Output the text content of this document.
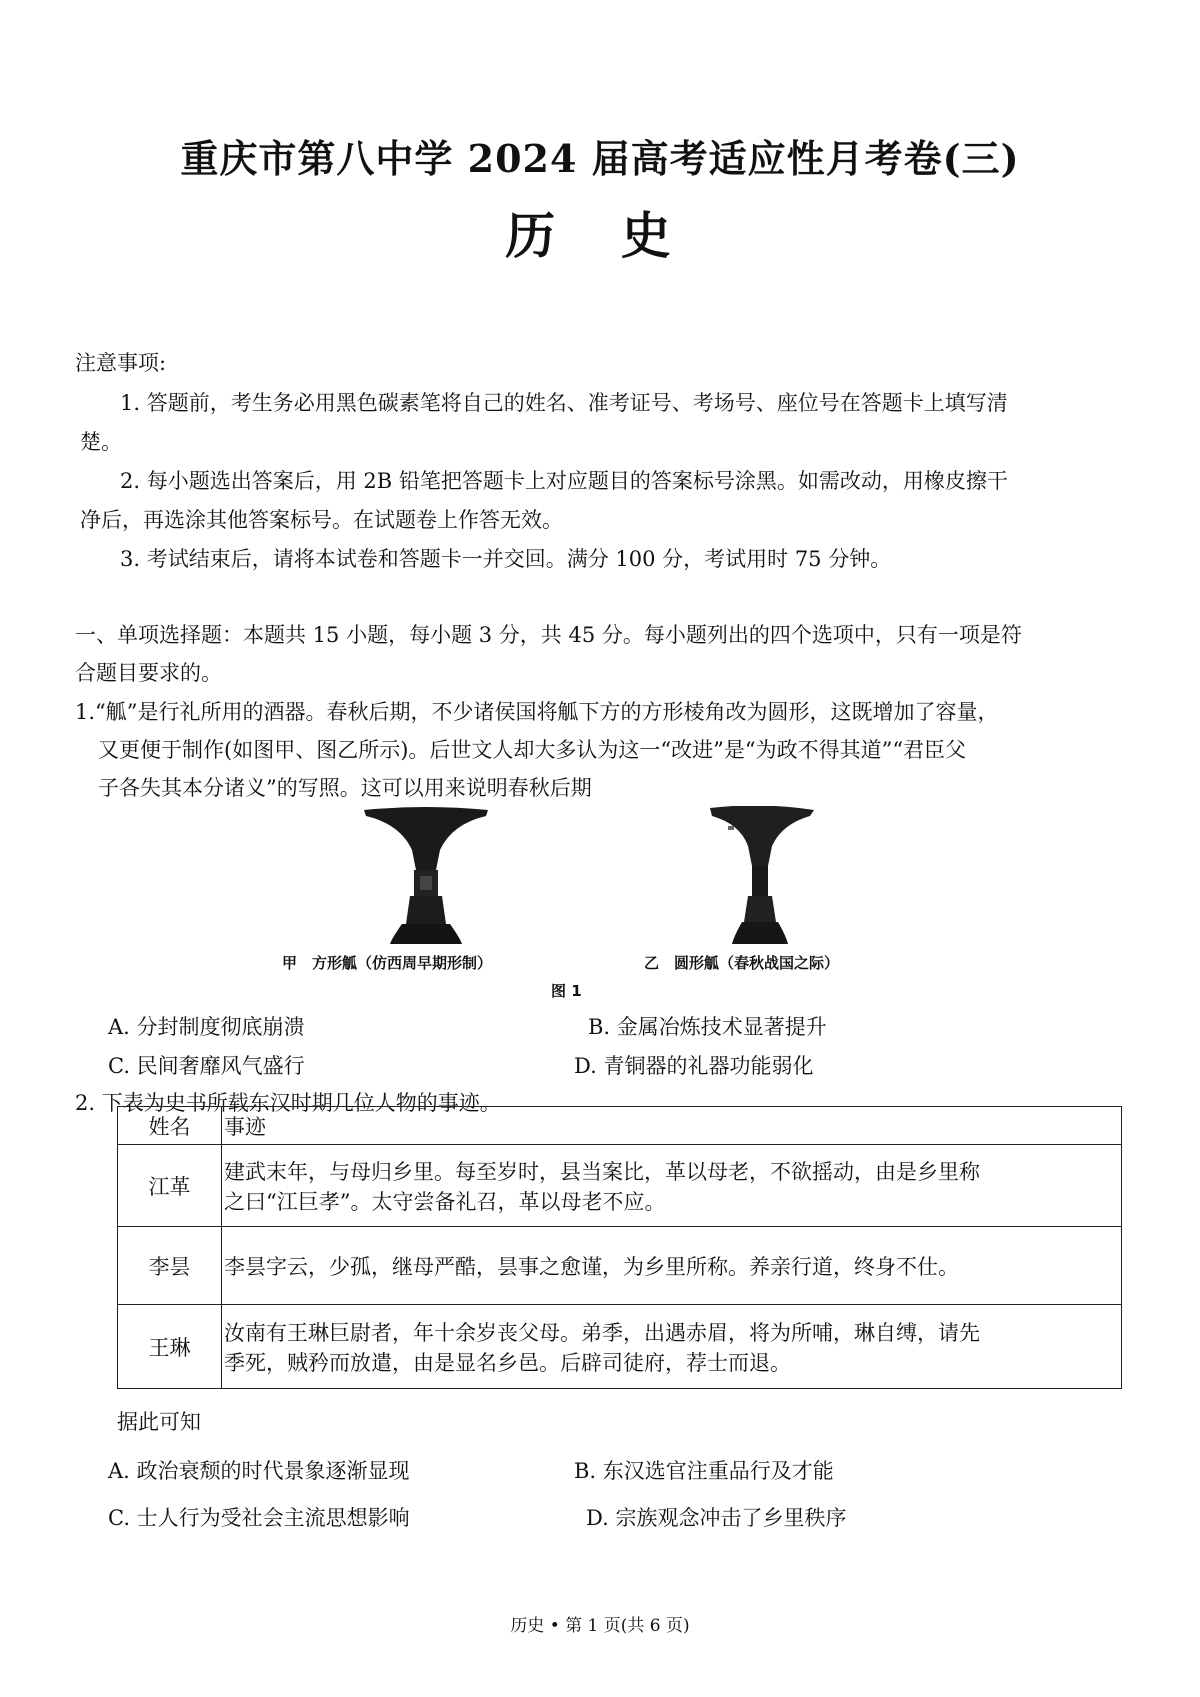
重庆市第八中学 2024 届高考适应性月考卷(三)
历 史
注意事项:
1. 答题前，考生务必用黑色碳素笔将自己的姓名、准考证号、考场号、座位号在答题卡上填写清
楚。
2. 每小题选出答案后，用 2B 铅笔把答题卡上对应题目的答案标号涂黑。如需改动，用橡皮擦干
净后，再选涂其他答案标号。在试题卷上作答无效。
3. 考试结束后，请将本试卷和答题卡一并交回。满分 100 分，考试用时 75 分钟。
一、单项选择题：本题共 15 小题，每小题 3 分，共 45 分。每小题列出的四个选项中，只有一项是符
合题目要求的。
1.“觚”是行礼所用的酒器。春秋后期，不少诸侯国将觚下方的方形棱角改为圆形，这既增加了容量，
又更便于制作(如图甲、图乙所示)。后世文人却大多认为这一“改进”是“为政不得其道”“君臣父
子各失其本分诸义”的写照。这可以用来说明春秋后期
甲　方形觚（仿西周早期形制）	乙　圆形觚（春秋战国之际）
图 1
A. 分封制度彻底崩溃	B. 金属冶炼技术显著提升
C. 民间奢靡风气盛行	D. 青铜器的礼器功能弱化
2. 下表为史书所载东汉时期几位人物的事迹。
姓名	事迹
江革	建武末年，与母归乡里。每至岁时，县当案比，革以母老，不欲摇动，由是乡里称
之曰“江巨孝”。太守尝备礼召，革以母老不应。

李昙	李昙字云，少孤，继母严酷，昙事之愈谨，为乡里所称。养亲行道，终身不仕。

王琳	汝南有王琳巨尉者，年十余岁丧父母。弟季，出遇赤眉，将为所哺，琳自缚，请先
季死，贼矜而放遣，由是显名乡邑。后辟司徒府，荐士而退。
据此可知
A. 政治衰颓的时代景象逐渐显现	B. 东汉选官注重品行及才能
C. 士人行为受社会主流思想影响	D. 宗族观念冲击了乡里秩序
历史 • 第 1 页(共 6 页)
